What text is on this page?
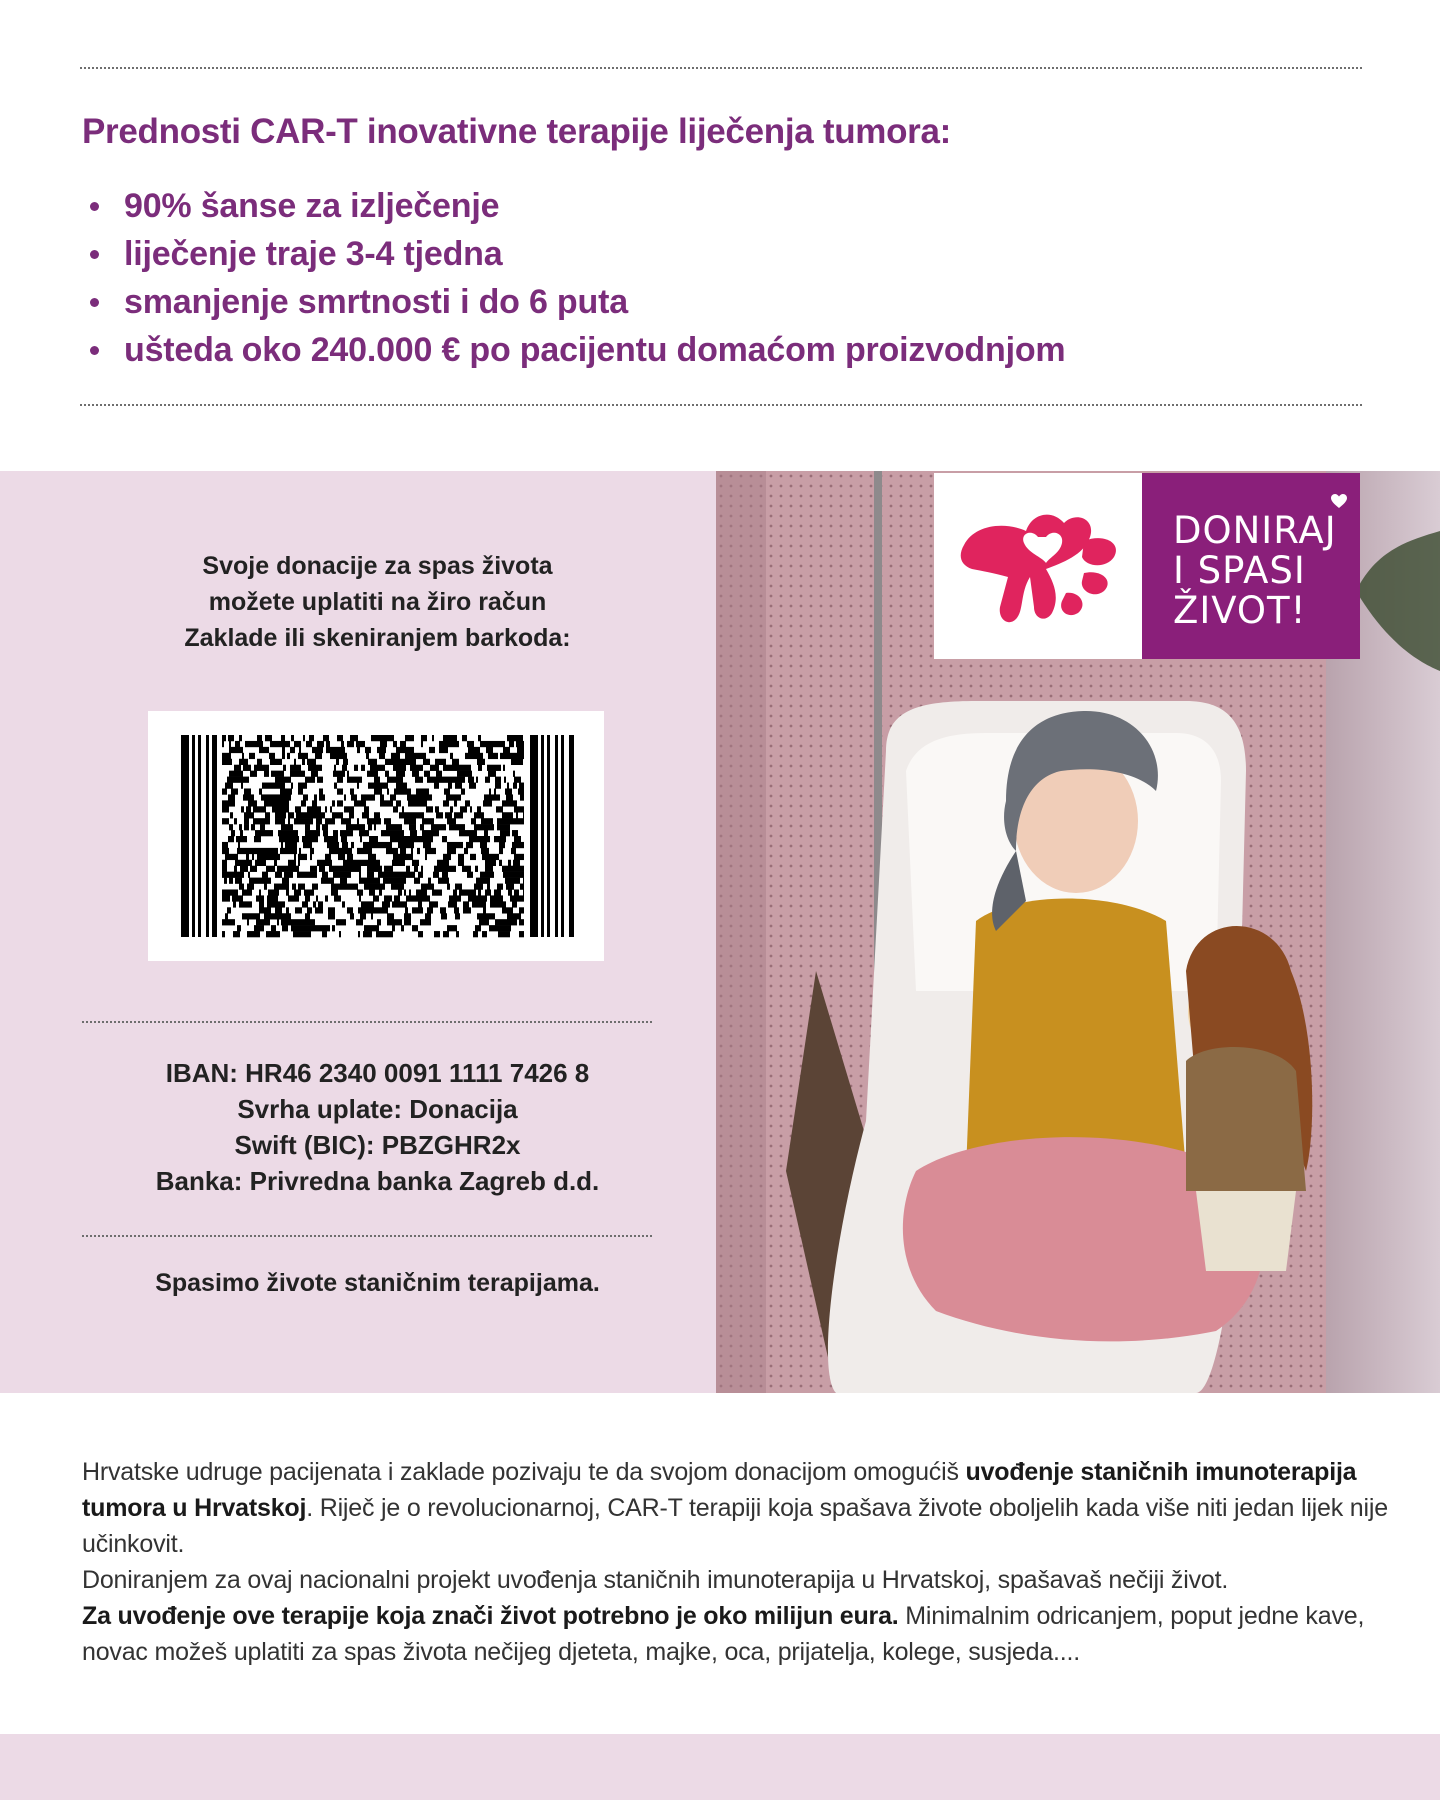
Prednosti CAR-T inovativne terapije liječenja tumora:
90% šanse za izlječenje
liječenje traje 3-4 tjedna
smanjenje smrtnosti i do 6 puta
ušteda oko 240.000 € po pacijentu domaćom proizvodnjom
Svoje donacije za spas života
možete uplatiti na žiro račun
Zaklade ili skeniranjem barkoda:
IBAN: HR46 2340 0091 1111 7426 8
Svrha uplate: Donacija
Swift (BIC): PBZGHR2x
Banka: Privredna banka Zagreb d.d.
Spasimo živote staničnim terapijama.
DONIRAJ
I SPASI
ŽIVOT!

Hrvatske udruge pacijenata i zaklade pozivaju te da svojom donacijom omogućiš uvođenje staničnih imunoterapija tumora u Hrvatskoj. Riječ je o revolucionarnoj, CAR-T terapiji koja spašava živote oboljelih kada više niti jedan lijek nije učinkovit.

Doniranjem za ovaj nacionalni projekt uvođenja staničnih imunoterapija u Hrvatskoj, spašavaš nečiji život.

Za uvođenje ove terapije koja znači život potrebno je oko milijun eura. Minimalnim odricanjem, poput jedne kave, novac možeš uplatiti za spas života nečijeg djeteta, majke, oca, prijatelja, kolege, susjeda....
